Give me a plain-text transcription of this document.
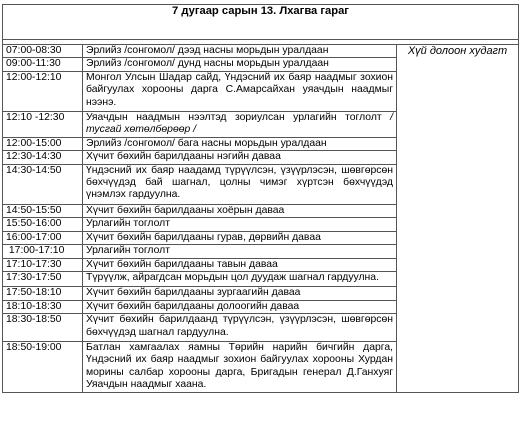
7 дугаар сарын 13. Лхагва гараг		

07:00-08:30	Эрлийз /сонгомол/ дээд насны морьдын уралдаан	Хүй долоон худагт
09:00-11:30	Эрлийз /сонгомол/ дунд насны морьдын уралдаан	
12:00-12:10	Монгол Улсын Шадар сайд, Үндэсний их баяр наадмыг зохион байгуулах хорооны дарга С.Амарсайхан уяачдын наадмыг нээнэ.	
12:10 -12:30	Уяачдын наадмын нээлтэд зориулсан урлагийн тоглолт / тусгай хөтөлбөрөөр /	
12:00-15:00	Эрлийз /сонгомол/ бага насны морьдын уралдаан	
12:30-14:30	Хүчит бөхийн барилдааны нэгийн даваа	
14:30-14:50	Үндэсний их баяр наадамд түрүүлсэн, үзүүрлэсэн, шөвгөрсөн бөхчүүдэд бай шагнал, цолны чимэг хүртсэн бөхчүүдэд үнэмлэх гардуулна.	
14:50-15:50	Хүчит бөхийн барилдааны хоёрын даваа	
15:50-16:00	Урлагийн тоглолт	
16:00-17:00	Хүчит бөхийн барилдааны гурав, дөрвийн даваа	
17:00-17:10	Урлагийн тоглолт	
17:10-17:30	Хүчит бөхийн барилдааны тавын даваа	
17:30-17:50	Түрүүлж, айрагдсан морьдын цол дуудаж шагнал гардуулна.	
17:50-18:10	Хүчит бөхийн барилдааны зургаагийн даваа	
18:10-18:30	Хүчит бөхийн барилдааны долоогийн даваа	
18:30-18:50	Хүчит бөхийн барилдаанд түрүүлсэн, үзүүрлэсэн, шөвгөрсөн бөхчүүдэд шагнал гардуулна.	
18:50-19:00	Батлан хамгаалах яамны Төрийн нарийн бичгийн дарга, Үндэсний их баяр наадмыг зохион байгуулах хорооны Хурдан морины салбар хорооны дарга, Бригадын генерал Д.Ганхуяг Уяачдын наадмыг хаана.	
